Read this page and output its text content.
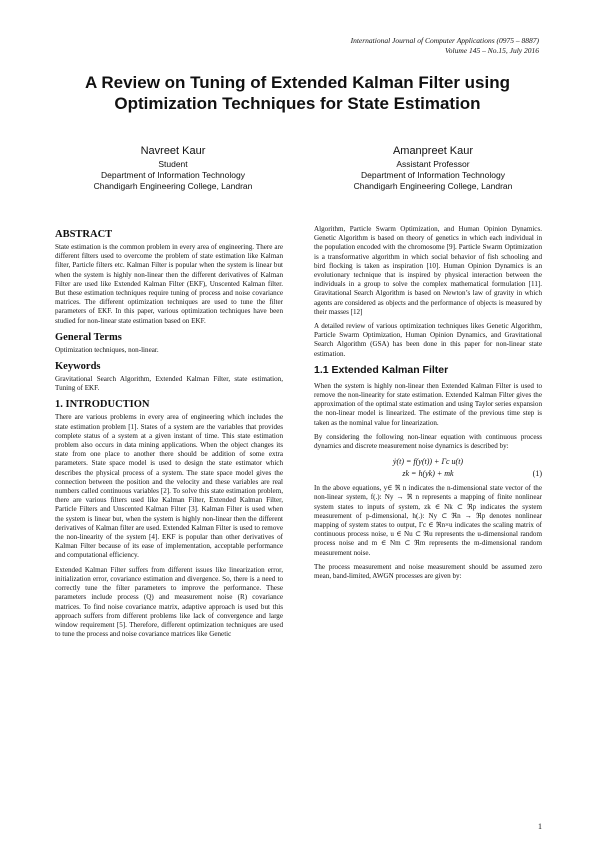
International Journal of Computer Applications (0975 – 8887)
Volume 145 – No.15, July 2016
A Review on Tuning of Extended Kalman Filter using Optimization Techniques for State Estimation
Navreet Kaur
Student
Department of Information Technology
Chandigarh Engineering College, Landran
Amanpreet Kaur
Assistant Professor
Department of Information Technology
Chandigarh Engineering College, Landran
ABSTRACT

State estimation is the common problem in every area of engineering. There are different filters used to overcome the problem of state estimation like Kalman filter, Particle filters etc. Kalman Filter is popular when the system is linear but when the system is highly non-linear then the different derivatives of Kalman Filter are used like Extended Kalman Filter (EKF), Unscented Kalman filter. But these estimation techniques require tuning of process and noise covariance matrices. The different optimization techniques are used to tune the filter parameters of EKF. In this paper, various optimization techniques have been studied for non-linear state estimation based on EKF.

General Terms

Optimization techniques, non-linear.

Keywords

Gravitational Search Algorithm, Extended Kalman Filter, state estimation, Tuning of EKF.

1. INTRODUCTION

There are various problems in every area of engineering which includes the state estimation problem [1]. States of a system are the variables that provides complete status of a system at a given instant of time. This state estimation problem also occurs in data mining applications. When the object changes its state from one place to another there should be addition of some extra parameters. State space model is used to design the state estimator which describes the physical process of a system. The state space model gives the connection between the position and the velocity and these variables are real numbers called continuous variables [2]. To solve this state estimation problem, there are various filters used like Kalman Filter, Extended Kalman Filter, Particle Filters and Unscented Kalman Filter [3]. Kalman Filter is used when the system is linear but, when the system is highly non-linear then the different derivatives of Kalman filter are used. Extended Kalman Filter is used to remove the non-linearity of the system [4]. EKF is popular than other derivatives of Kalman Filter because of its ease of implementation, acceptable performance and computational efficiency.

Extended Kalman Filter suffers from different issues like linearization error, initialization error, covariance estimation and divergence. So, there is a need to correctly tune the filter parameters to improve the performance. These parameters include process (Q) and measurement noise (R) covariance matrices. To find noise covariance matrix, adaptive approach is used but this approach suffers from different problems like lack of convergence and large window requirement [5]. Therefore, different optimization techniques are used to tune the process and noise covariance matrices like Genetic

Algorithm, Particle Swarm Optimization, and Human Opinion Dynamics. Genetic Algorithm is based on theory of genetics in which each individual in the population encoded with the chromosome [9]. Particle Swarm Optimization is a transformative algorithm in which social behavior of fish schooling and bird flocking is taken as inspiration [10]. Human Opinion Dynamics is an evolutionary technique that is inspired by physical interaction between the individuals in a group to solve the complex mathematical formulation [11]. Gravitational Search Algorithm is based on Newton’s law of gravity in which agents are considered as objects and the performance of objects is measured by their masses [12]

A detailed review of various optimization techniques likes Genetic Algorithm, Particle Swarm Optimization, Human Opinion Dynamics, and Gravitational Search Algorithm (GSA) has been done in this paper for non-linear state estimation.

1.1 Extended Kalman Filter

When the system is highly non-linear then Extended Kalman Filter is used to remove the non-linearity for state estimation. Extended Kalman Filter gives the approximation of the optimal state estimation and using Taylor series expansion the non-linear model is linearized. The estimate of the previous time step is taken as the nominal value for linearization.

By considering the following non-linear equation with continuous process dynamics and discrete measurement noise dynamics is described by:

ẏ(t) = f(y(t)) + Γc u(t)
zk = h(yk) + mk	(1)

In the above equations, y∈ ℜ n indicates the n-dimensional state vector of the non-linear system, f(.): Ny → ℜ n represents a mapping of finite nonlinear system states to inputs of system, zk ∈ Nk ⊂ ℜp indicates the system measurement of p-dimensional, h(.): Ny ⊂ ℜn → ℜp denotes nonlinear mapping of system states to output, Γc ∈ ℜn×u indicates the scaling matrix of continuous process noise, u ∈ Nu ⊂ ℜu represents the u-dimensional random process noise and m ∈ Nm ⊂ ℜm represents the m-dimensional random measurement noise.

The process measurement and noise measurement should be assumed zero mean, band-limited, AWGN processes are given by:

1
